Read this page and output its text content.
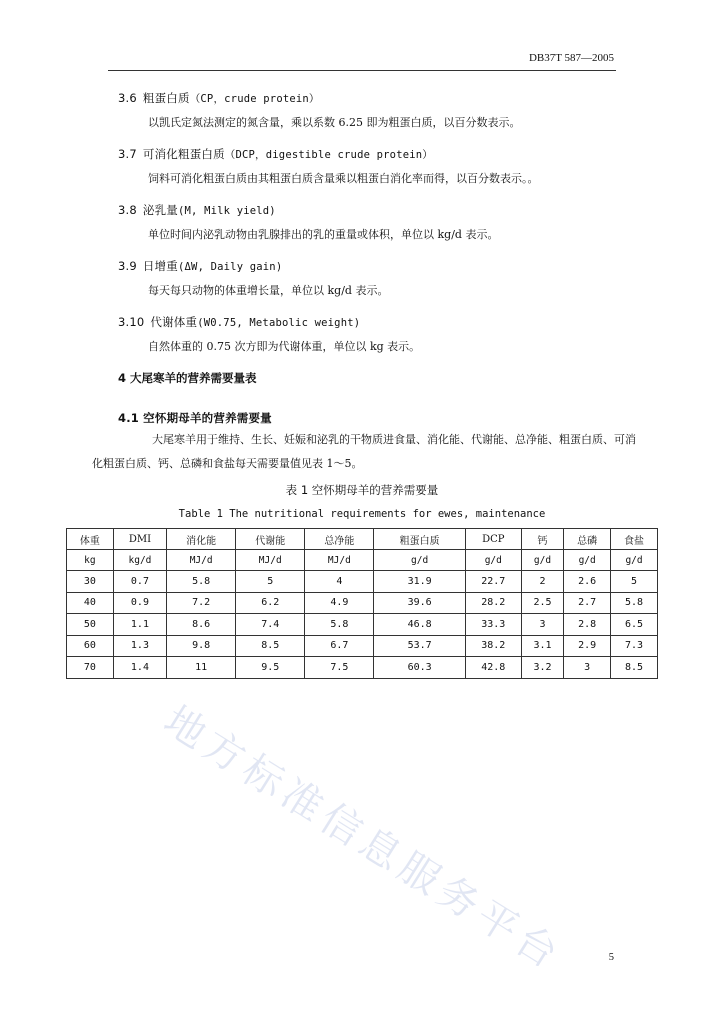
DB37T 587—2005
3.6 粗蛋白质（CP，crude protein）
以凯氏定氮法测定的氮含量，乘以系数 6.25 即为粗蛋白质，以百分数表示。
3.7 可消化粗蛋白质（DCP，digestible crude protein）
饲料可消化粗蛋白质由其粗蛋白质含量乘以粗蛋白消化率而得，以百分数表示。。
3.8 泌乳量(M, Milk yield)
单位时间内泌乳动物由乳腺排出的乳的重量或体积，单位以 kg/d 表示。
3.9 日增重(ΔW, Daily gain)
每天每只动物的体重增长量，单位以 kg/d 表示。
3.10 代谢体重(W0.75, Metabolic weight)
自然体重的 0.75 次方即为代谢体重，单位以 kg 表示。
4 大尾寒羊的营养需要量表
4.1 空怀期母羊的营养需要量
大尾寒羊用于维持、生长、妊娠和泌乳的干物质进食量、消化能、代谢能、总净能、粗蛋白质、可消化粗蛋白质、钙、总磷和食盐每天需要量值见表 1～5。
表 1 空怀期母羊的营养需要量
Table 1 The nutritional requirements for ewes, maintenance
体重	DMI	消化能	代谢能	总净能	粗蛋白质	DCP	钙	总磷	食盐
kg	kg/d	MJ/d	MJ/d	MJ/d	g/d	g/d	g/d	g/d	g/d
30	0.7	5.8	5	4	31.9	22.7	2	2.6	5
40	0.9	7.2	6.2	4.9	39.6	28.2	2.5	2.7	5.8
50	1.1	8.6	7.4	5.8	46.8	33.3	3	2.8	6.5
60	1.3	9.8	8.5	6.7	53.7	38.2	3.1	2.9	7.3
70	1.4	11	9.5	7.5	60.3	42.8	3.2	3	8.5
地方标准信息服务平台	5
